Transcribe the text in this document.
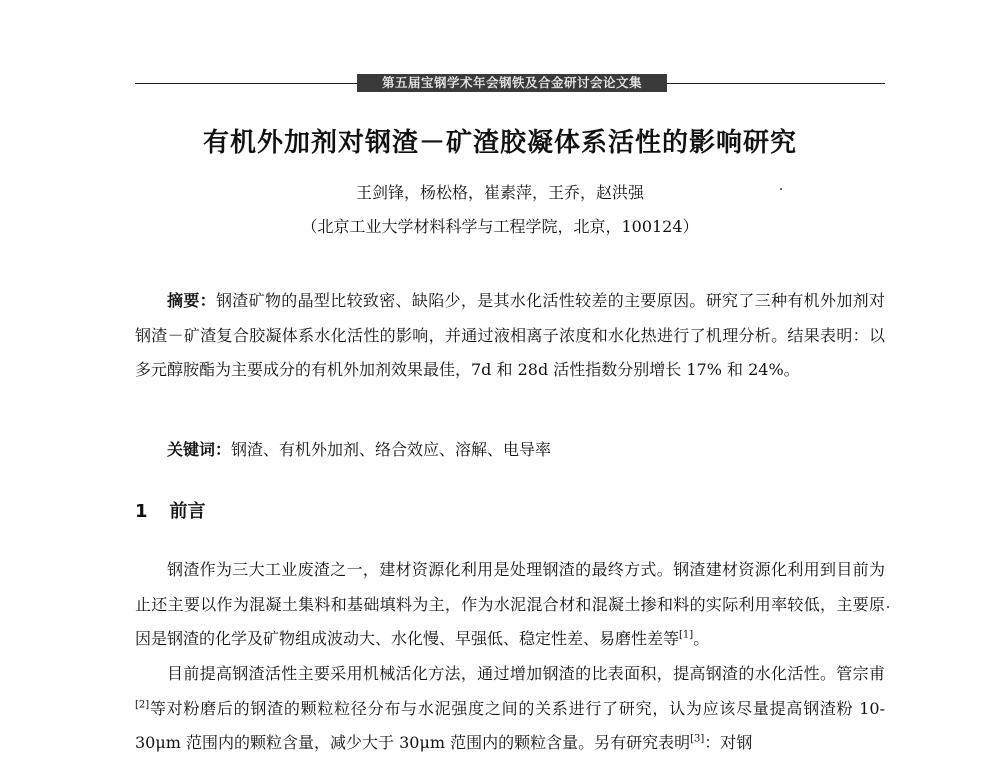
第五届宝钢学术年会钢铁及合金研讨会论文集
有机外加剂对钢渣－矿渣胶凝体系活性的影响研究
王剑锋，杨松格，崔素萍，王乔，赵洪强
（北京工业大学材料科学与工程学院，北京，100124）

摘要：钢渣矿物的晶型比较致密、缺陷少，是其水化活性较差的主要原因。研究了三种有机外加剂对钢渣－矿渣复合胶凝体系水化活性的影响，并通过液相离子浓度和水化热进行了机理分析。结果表明：以多元醇胺酯为主要成分的有机外加剂效果最佳，7d 和 28d 活性指数分别增长 17% 和 24%。

关键词：钢渣、有机外加剂、络合效应、溶解、电导率
1 前言

钢渣作为三大工业废渣之一，建材资源化利用是处理钢渣的最终方式。钢渣建材资源化利用到目前为止还主要以作为混凝土集料和基础填料为主，作为水泥混合材和混凝土掺和料的实际利用率较低，主要原因是钢渣的化学及矿物组成波动大、水化慢、早强低、稳定性差、易磨性差等[1]。

目前提高钢渣活性主要采用机械活化方法，通过增加钢渣的比表面积，提高钢渣的水化活性。管宗甫[2]等对粉磨后的钢渣的颗粒粒径分布与水泥强度之间的关系进行了研究，认为应该尽量提高钢渣粉 10-30μm 范围内的颗粒含量，减少大于 30μm 范围内的颗粒含量。另有研究表明[3]：对钢
